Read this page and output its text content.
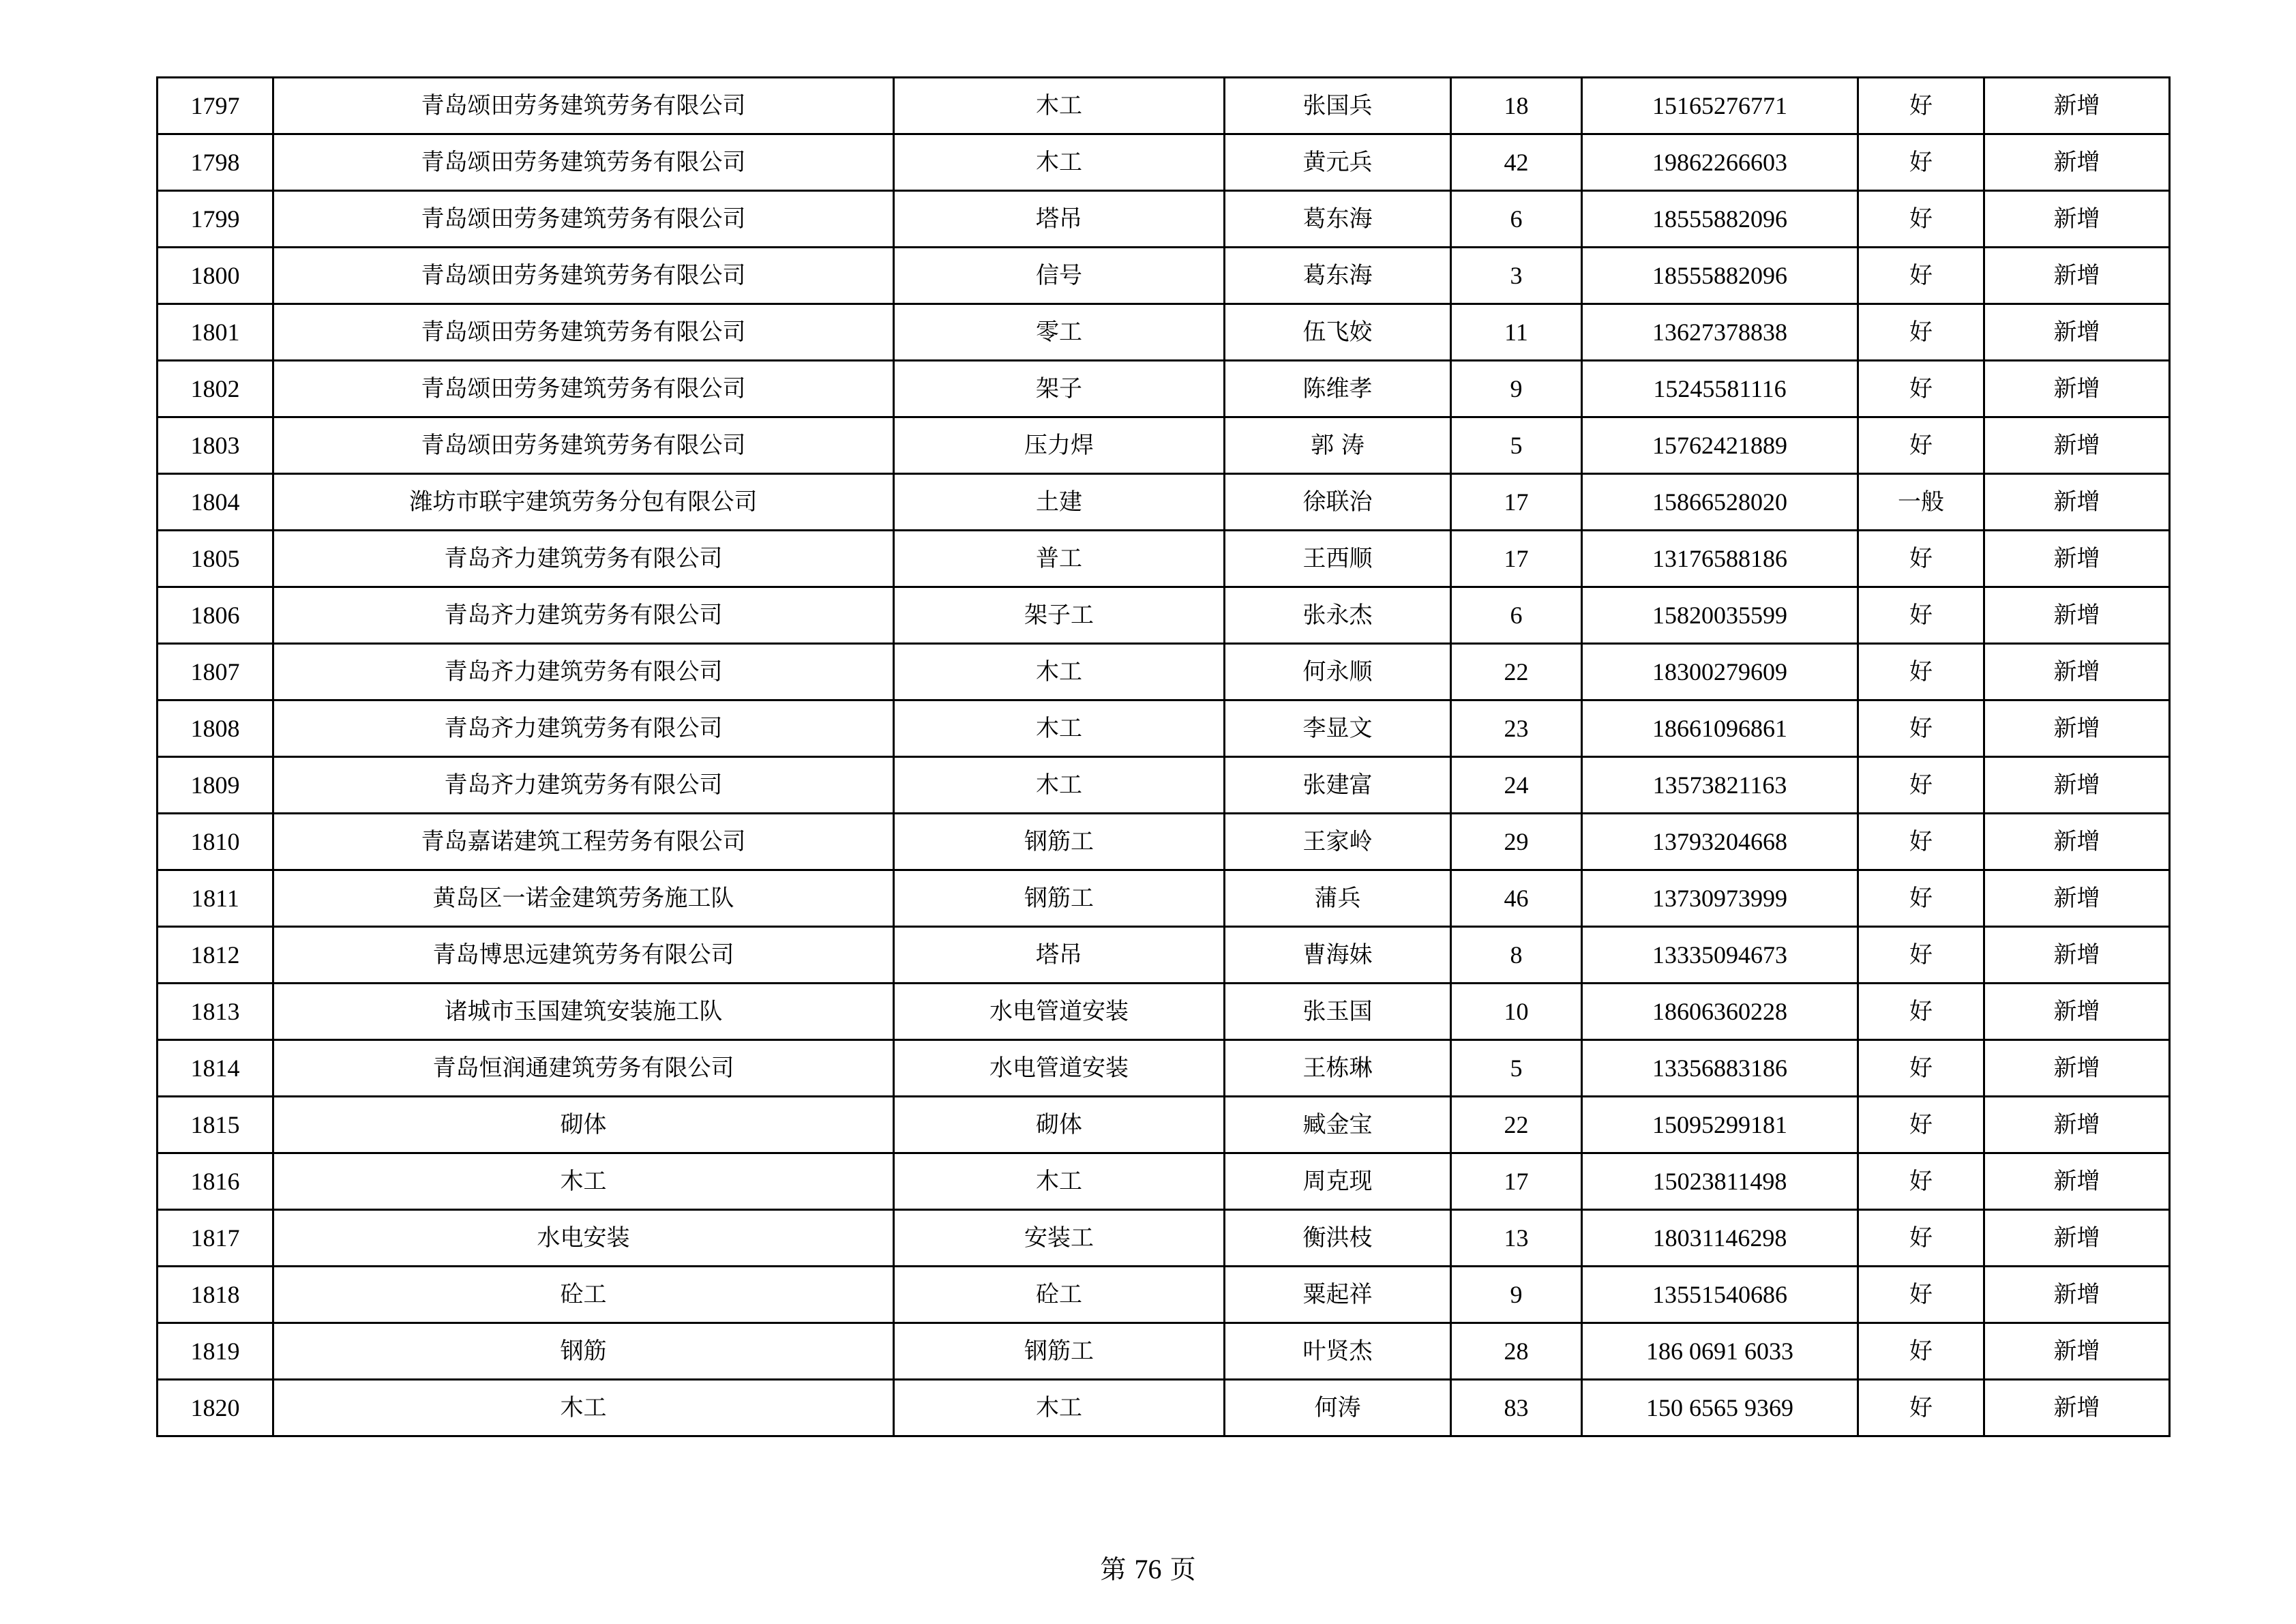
1797	青岛颂田劳务建筑劳务有限公司	木工	张国兵	18	15165276771	好	新增
1798	青岛颂田劳务建筑劳务有限公司	木工	黄元兵	42	19862266603	好	新增
1799	青岛颂田劳务建筑劳务有限公司	塔吊	葛东海	6	18555882096	好	新增
1800	青岛颂田劳务建筑劳务有限公司	信号	葛东海	3	18555882096	好	新增
1801	青岛颂田劳务建筑劳务有限公司	零工	伍飞姣	11	13627378838	好	新增
1802	青岛颂田劳务建筑劳务有限公司	架子	陈维孝	9	15245581116	好	新增
1803	青岛颂田劳务建筑劳务有限公司	压力焊	郭 涛	5	15762421889	好	新增
1804	潍坊市联宇建筑劳务分包有限公司	土建	徐联治	17	15866528020	一般	新增
1805	青岛齐力建筑劳务有限公司	普工	王西顺	17	13176588186	好	新增
1806	青岛齐力建筑劳务有限公司	架子工	张永杰	6	15820035599	好	新增
1807	青岛齐力建筑劳务有限公司	木工	何永顺	22	18300279609	好	新增
1808	青岛齐力建筑劳务有限公司	木工	李显文	23	18661096861	好	新增
1809	青岛齐力建筑劳务有限公司	木工	张建富	24	13573821163	好	新增
1810	青岛嘉诺建筑工程劳务有限公司	钢筋工	王家岭	29	13793204668	好	新增
1811	黄岛区一诺金建筑劳务施工队	钢筋工	蒲兵	46	13730973999	好	新增
1812	青岛博思远建筑劳务有限公司	塔吊	曹海妹	8	13335094673	好	新增
1813	诸城市玉国建筑安装施工队	水电管道安装	张玉国	10	18606360228	好	新增
1814	青岛恒润通建筑劳务有限公司	水电管道安装	王栋琳	5	13356883186	好	新增
1815	砌体	砌体	臧金宝	22	15095299181	好	新增
1816	木工	木工	周克现	17	15023811498	好	新增
1817	水电安装	安装工	衡洪枝	13	18031146298	好	新增
1818	砼工	砼工	粟起祥	9	13551540686	好	新增
1819	钢筋	钢筋工	叶贤杰	28	186 0691 6033	好	新增
1820	木工	木工	何涛	83	150 6565 9369	好	新增
第 76 页
